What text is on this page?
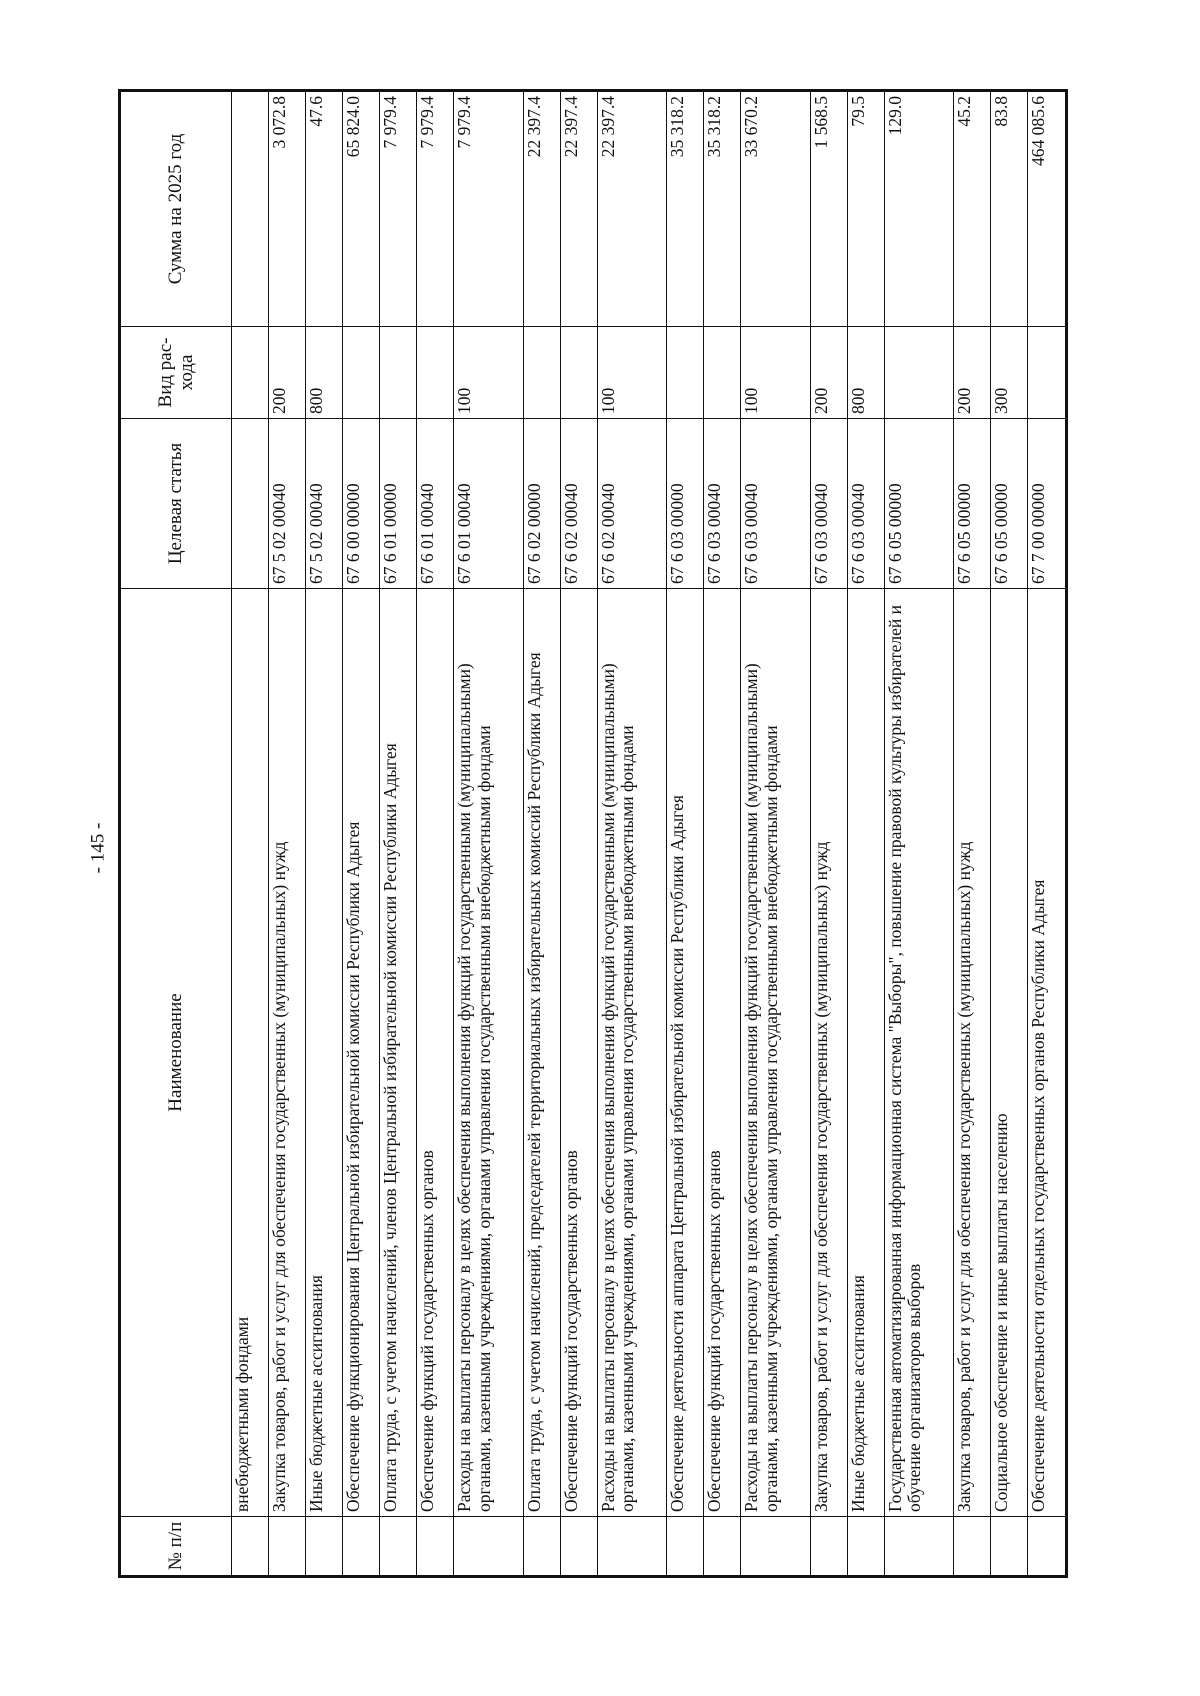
- 145 -
№ п/п	Наименование	Целевая статья	Вид рас-хода	Сумма на 2025 год
	внебюджетными фондами			
	Закупка товаров, работ и услуг для обеспечения государственных (муниципальных) нужд	67 5 02 00040	200	3 072.8
	Иные бюджетные ассигнования	67 5 02 00040	800	47.6
	Обеспечение функционирования Центральной избирательной комиссии Республики Адыгея	67 6 00 00000		65 824.0
	Оплата труда, с учетом начислений, членов Центральной избирательной комиссии Республики Адыгея	67 6 01 00000		7 979.4
	Обеспечение функций государственных органов	67 6 01 00040		7 979.4
	Расходы на выплаты персоналу в целях обеспечения выполнения функций государственными (муниципальными) органами, казенными учреждениями, органами управления государственными внебюджетными фондами	67 6 01 00040	100	7 979.4
	Оплата труда, с учетом начислений, председателей территориальных избирательных комиссий Республики Адыгея	67 6 02 00000		22 397.4
	Обеспечение функций государственных органов	67 6 02 00040		22 397.4
	Расходы на выплаты персоналу в целях обеспечения выполнения функций государственными (муниципальными) органами, казенными учреждениями, органами управления государственными внебюджетными фондами	67 6 02 00040	100	22 397.4
	Обеспечение деятельности аппарата Центральной избирательной комиссии Республики Адыгея	67 6 03 00000		35 318.2
	Обеспечение функций государственных органов	67 6 03 00040		35 318.2
	Расходы на выплаты персоналу в целях обеспечения выполнения функций государственными (муниципальными) органами, казенными учреждениями, органами управления государственными внебюджетными фондами	67 6 03 00040	100	33 670.2
	Закупка товаров, работ и услуг для обеспечения государственных (муниципальных) нужд	67 6 03 00040	200	1 568.5
	Иные бюджетные ассигнования	67 6 03 00040	800	79.5
	Государственная автоматизированная информационная система "Выборы", повышение правовой культуры избирателей и обучение организаторов выборов	67 6 05 00000		129.0
	Закупка товаров, работ и услуг для обеспечения государственных (муниципальных) нужд	67 6 05 00000	200	45.2
	Социальное обеспечение и иные выплаты населению	67 6 05 00000	300	83.8
	Обеспечение деятельности отдельных государственных органов Республики Адыгея	67 7 00 00000		464 085.6
